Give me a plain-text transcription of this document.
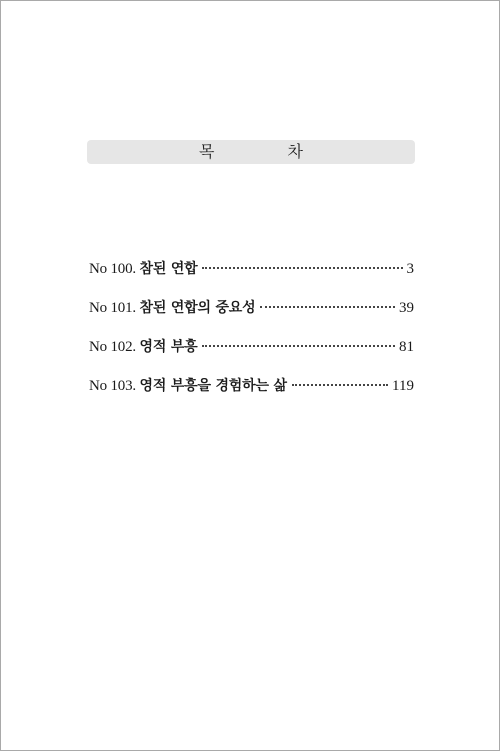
목 차
No 100. 참된 연합	3
No 101. 참된 연합의 중요성	39
No 102. 영적 부흥	81
No 103. 영적 부흥을 경험하는 삶	119
